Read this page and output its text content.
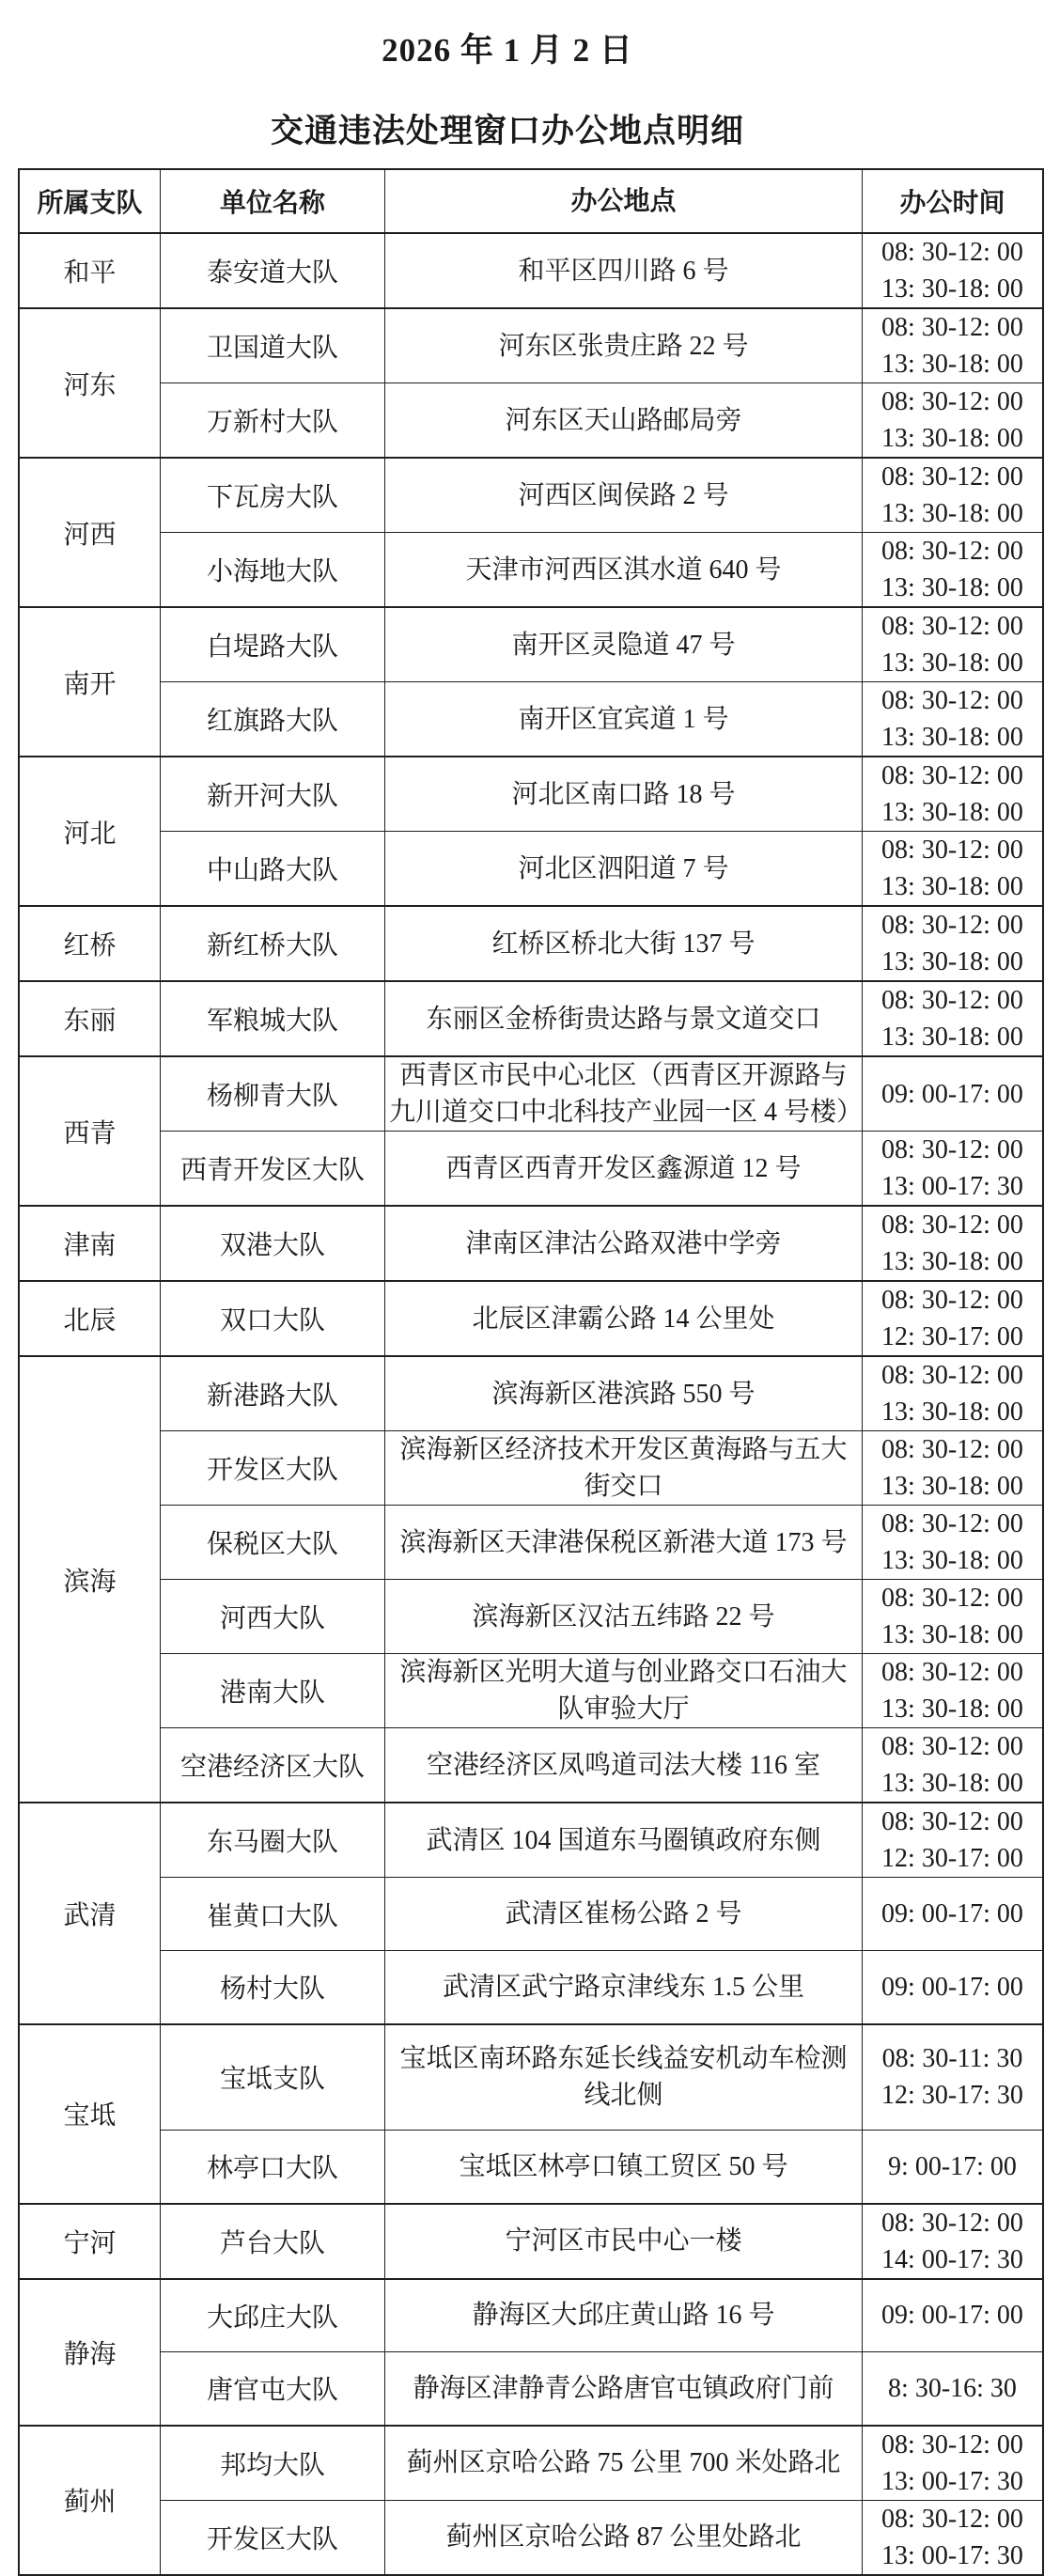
2026 年 1 月 2 日
交通违法处理窗口办公地点明细
所属支队	单位名称	办公地点	办公时间
和平	泰安道大队	和平区四川路 6 号	08: 30-12: 00
13: 30-18: 00

河东	卫国道大队	河东区张贵庄路 22 号	08: 30-12: 00
13: 30-18: 00

	万新村大队	河东区天山路邮局旁	08: 30-12: 00
13: 30-18: 00

河西	下瓦房大队	河西区闽侯路 2 号	08: 30-12: 00
13: 30-18: 00

	小海地大队	天津市河西区淇水道 640 号	08: 30-12: 00
13: 30-18: 00

南开	白堤路大队	南开区灵隐道 47 号	08: 30-12: 00
13: 30-18: 00

	红旗路大队	南开区宜宾道 1 号	08: 30-12: 00
13: 30-18: 00

河北	新开河大队	河北区南口路 18 号	08: 30-12: 00
13: 30-18: 00

	中山路大队	河北区泗阳道 7 号	08: 30-12: 00
13: 30-18: 00

红桥	新红桥大队	红桥区桥北大街 137 号	08: 30-12: 00
13: 30-18: 00

东丽	军粮城大队	东丽区金桥街贵达路与景文道交口	08: 30-12: 00
13: 30-18: 00

西青	杨柳青大队	西青区市民中心北区（西青区开源路与九川道交口中北科技产业园一区 4 号楼）	09: 00-17: 00

	西青开发区大队	西青区西青开发区鑫源道 12 号	08: 30-12: 00
13: 00-17: 30

津南	双港大队	津南区津沽公路双港中学旁	08: 30-12: 00
13: 30-18: 00

北辰	双口大队	北辰区津霸公路 14 公里处	08: 30-12: 00
12: 30-17: 00

滨海	新港路大队	滨海新区港滨路 550 号	08: 30-12: 00
13: 30-18: 00

	开发区大队	滨海新区经济技术开发区黄海路与五大街交口	08: 30-12: 00
13: 30-18: 00

	保税区大队	滨海新区天津港保税区新港大道 173 号	08: 30-12: 00
13: 30-18: 00

	河西大队	滨海新区汉沽五纬路 22 号	08: 30-12: 00
13: 30-18: 00

	港南大队	滨海新区光明大道与创业路交口石油大队审验大厅	08: 30-12: 00
13: 30-18: 00

	空港经济区大队	空港经济区凤鸣道司法大楼 116 室	08: 30-12: 00
13: 30-18: 00

武清	东马圈大队	武清区 104 国道东马圈镇政府东侧	08: 30-12: 00
12: 30-17: 00

	崔黄口大队	武清区崔杨公路 2 号	09: 00-17: 00

	杨村大队	武清区武宁路京津线东 1.5 公里	09: 00-17: 00

宝坻	宝坻支队	宝坻区南环路东延长线益安机动车检测线北侧	08: 30-11: 30
12: 30-17: 30

	林亭口大队	宝坻区林亭口镇工贸区 50 号	9: 00-17: 00

宁河	芦台大队	宁河区市民中心一楼	08: 30-12: 00
14: 00-17: 30

静海	大邱庄大队	静海区大邱庄黄山路 16 号	09: 00-17: 00

	唐官屯大队	静海区津静青公路唐官屯镇政府门前	8: 30-16: 30

蓟州	邦均大队	蓟州区京哈公路 75 公里 700 米处路北	08: 30-12: 00
13: 00-17: 30

	开发区大队	蓟州区京哈公路 87 公里处路北	08: 30-12: 00
13: 00-17: 30
